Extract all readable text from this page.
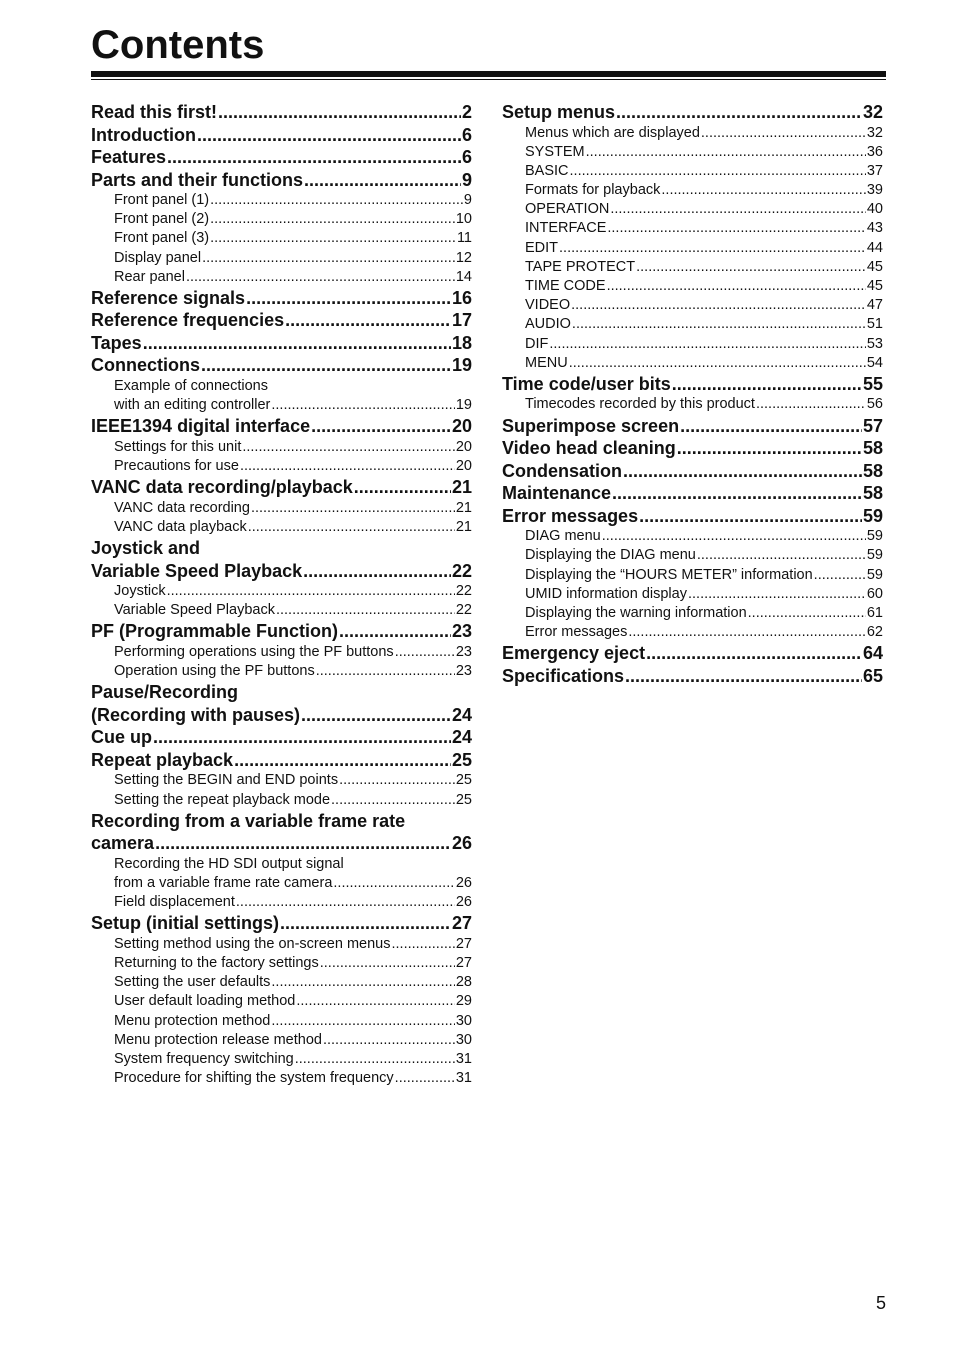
Contents
Read this first! .....	2
Introduction .....	6
Features .....	6
Parts and their functions .....	9
Front panel (1) .....	9
Front panel (2) .....	10
Front panel (3) .....	11
Display panel .....	12
Rear panel .....	14
Reference signals .....	16
Reference frequencies .....	17
Tapes .....	18
Connections .....	19
Example of connections
with an editing controller .....	19
IEEE1394 digital interface .....	20
Settings for this unit .....	20
Precautions for use .....	20
VANC data recording/playback .....	21
VANC data recording .....	21
VANC data playback .....	21
Joystick and
Variable Speed Playback .....	22
Joystick .....	22
Variable Speed Playback .....	22
PF (Programmable Function) .....	23
Performing operations using the PF buttons .....	23
Operation using the PF buttons .....	23
Pause/Recording
(Recording with pauses) .....	24
Cue up .....	24
Repeat playback .....	25
Setting the BEGIN and END points .....	25
Setting the repeat playback mode .....	25
Recording from a variable frame rate
camera .....	26
Recording the HD SDI output signal
from a variable frame rate camera .....	26
Field displacement .....	26
Setup (initial settings) .....	27
Setting method using the on-screen menus .....	27
Returning to the factory settings .....	27
Setting the user defaults .....	28
User default loading method .....	29
Menu protection method .....	30
Menu protection release method .....	30
System frequency switching .....	31
Procedure for shifting the system frequency .....	31
Setup menus .....	32
Menus which are displayed .....	32
SYSTEM .....	36
BASIC .....	37
Formats for playback .....	39
OPERATION .....	40
INTERFACE .....	43
EDIT .....	44
TAPE PROTECT .....	45
TIME CODE .....	45
VIDEO .....	47
AUDIO .....	51
DIF .....	53
MENU .....	54
Time code/user bits .....	55
Timecodes recorded by this product .....	56
Superimpose screen .....	57
Video head cleaning .....	58
Condensation .....	58
Maintenance .....	58
Error messages .....	59
DIAG menu .....	59
Displaying the DIAG menu .....	59
Displaying the “HOURS METER” information .....	59
UMID information display .....	60
Displaying the warning information .....	61
Error messages .....	62
Emergency eject .....	64
Specifications .....	65
5
